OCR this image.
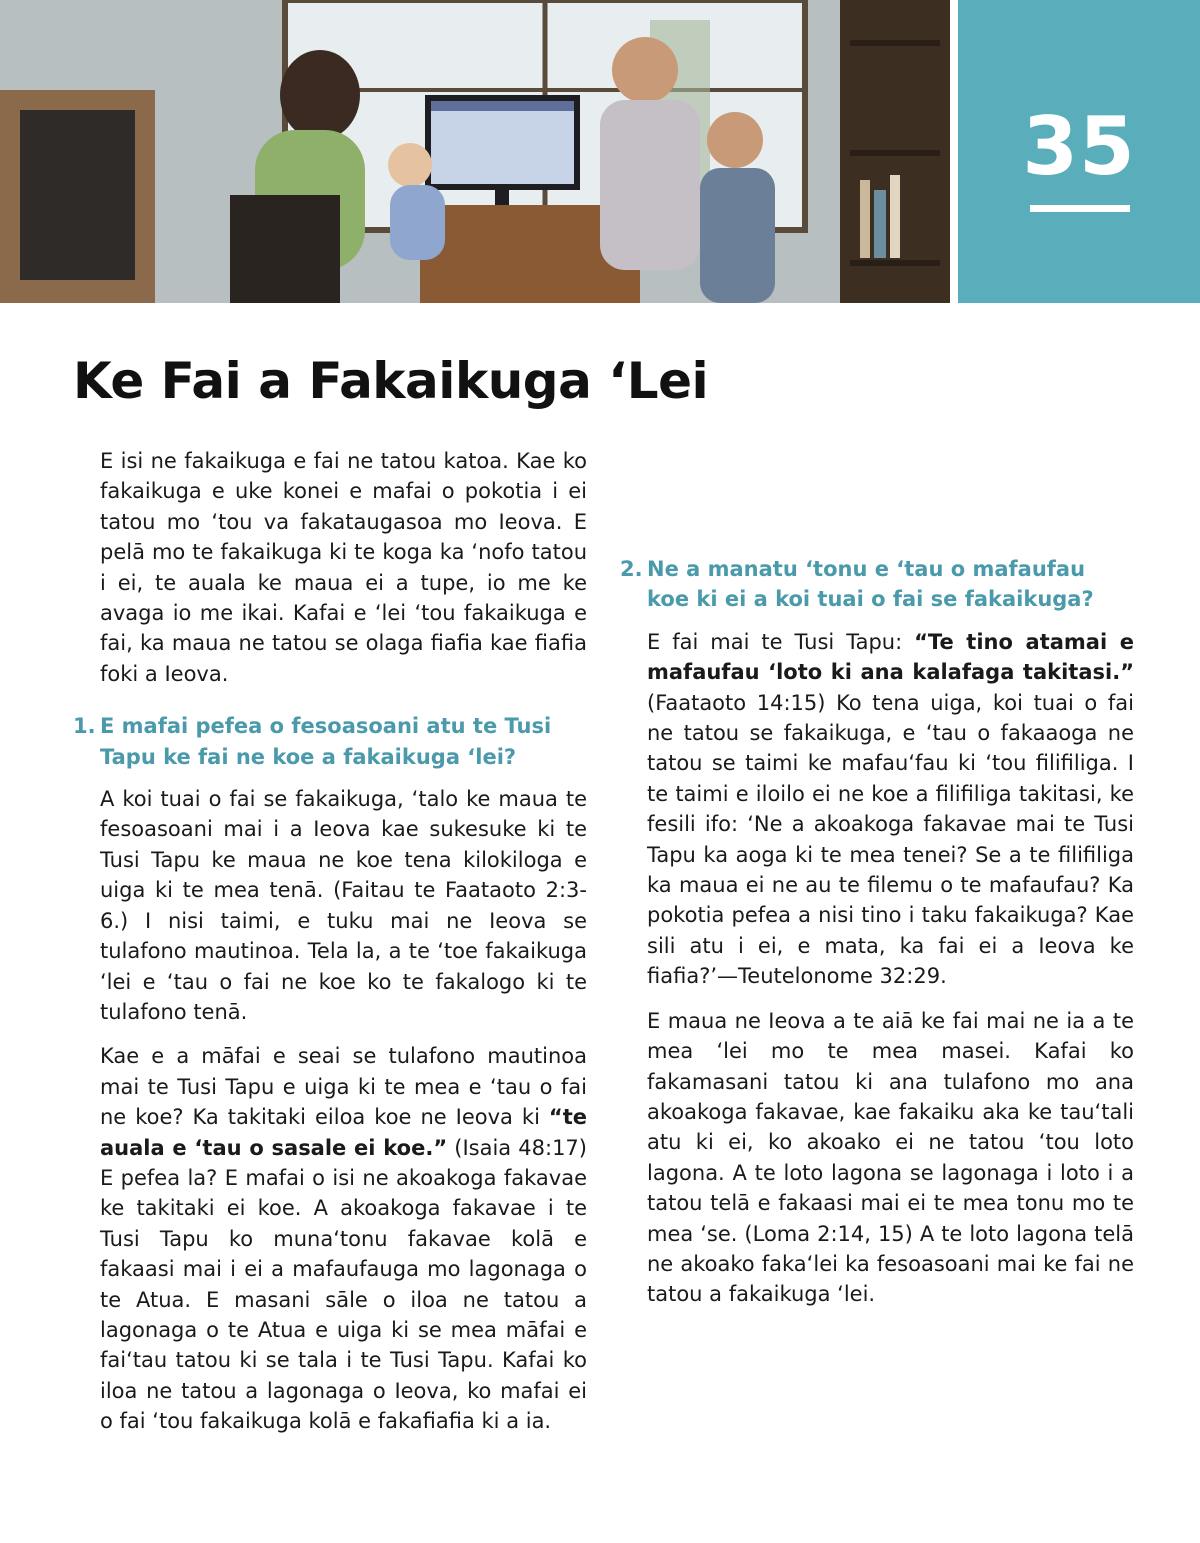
35
Ke Fai a Fakaikuga ʻLei

E isi ne fakaikuga e fai ne tatou katoa. Kae ko fakaikuga e uke konei e mafai o pokotia i ei tatou mo ʻtou va fakataugasoa mo Ieova. E pelā mo te fakaikuga ki te koga ka ʻnofo tatou i ei, te auala ke maua ei a tupe, io me ke avaga io me ikai. Kafai e ʻlei ʻtou fakaikuga e fai, ka maua ne tatou se olaga fiafia kae fiafia foki a Ieova.

1. E mafai pefea o fesoasoani atu te Tusi Tapu ke fai ne koe a fakaikuga ʻlei?

A koi tuai o fai se fakaikuga, ʻtalo ke maua te fesoasoani mai i a Ieova kae sukesuke ki te Tusi Tapu ke maua ne koe tena kilokiloga e uiga ki te mea tenā. (Faitau te Faataoto 2:3-6.) I nisi taimi, e tuku mai ne Ieova se tulafono mautinoa. Tela la, a te ʻtoe fakaikuga ʻlei e ʻtau o fai ne koe ko te fakalogo ki te tulafono tenā.

Kae e a māfai e seai se tulafono mautinoa mai te Tusi Tapu e uiga ki te mea e ʻtau o fai ne koe? Ka takitaki eiloa koe ne Ieova ki “te auala e ʻtau o sasale ei koe.” (Isaia 48:17) E pefea la? E mafai o isi ne akoakoga fakavae ke takitaki ei koe. A akoakoga fakavae i te Tusi Tapu ko munaʻtonu fakavae kolā e fakaasi mai i ei a mafaufauga mo lagonaga o te Atua. E masani sāle o iloa ne tatou a lagonaga o te Atua e uiga ki se mea māfai e faiʻtau tatou ki se tala i te Tusi Tapu. Kafai ko iloa ne tatou a lagonaga o Ieova, ko mafai ei o fai ʻtou fakaikuga kolā e fakafiafia ki a ia.

2. Ne a manatu ʻtonu e ʻtau o mafaufau koe ki ei a koi tuai o fai se fakaikuga?

E fai mai te Tusi Tapu: “Te tino atamai e mafaufau ʻloto ki ana kalafaga takitasi.” (Faataoto 14:15) Ko tena uiga, koi tuai o fai ne tatou se fakaikuga, e ʻtau o fakaaoga ne tatou se taimi ke mafauʻfau ki ʻtou filifiliga. I te taimi e iloilo ei ne koe a filifiliga takitasi, ke fesili ifo: ‘Ne a akoakoga fakavae mai te Tusi Tapu ka aoga ki te mea tenei? Se a te filifiliga ka maua ei ne au te filemu o te mafaufau? Ka pokotia pefea a nisi tino i taku fakaikuga? Kae sili atu i ei, e mata, ka fai ei a Ieova ke fiafia?’—Teutelonome 32:29.

E maua ne Ieova a te aiā ke fai mai ne ia a te mea ʻlei mo te mea masei. Kafai ko fakamasani tatou ki ana tulafono mo ana akoakoga fakavae, kae fakaiku aka ke tauʻtali atu ki ei, ko akoako ei ne tatou ʻtou loto lagona. A te loto lagona se lagonaga i loto i a tatou telā e fakaasi mai ei te mea tonu mo te mea ʻse. (Loma 2:14, 15) A te loto lagona telā ne akoako fakaʻlei ka fesoasoani mai ke fai ne tatou a fakaikuga ʻlei.
